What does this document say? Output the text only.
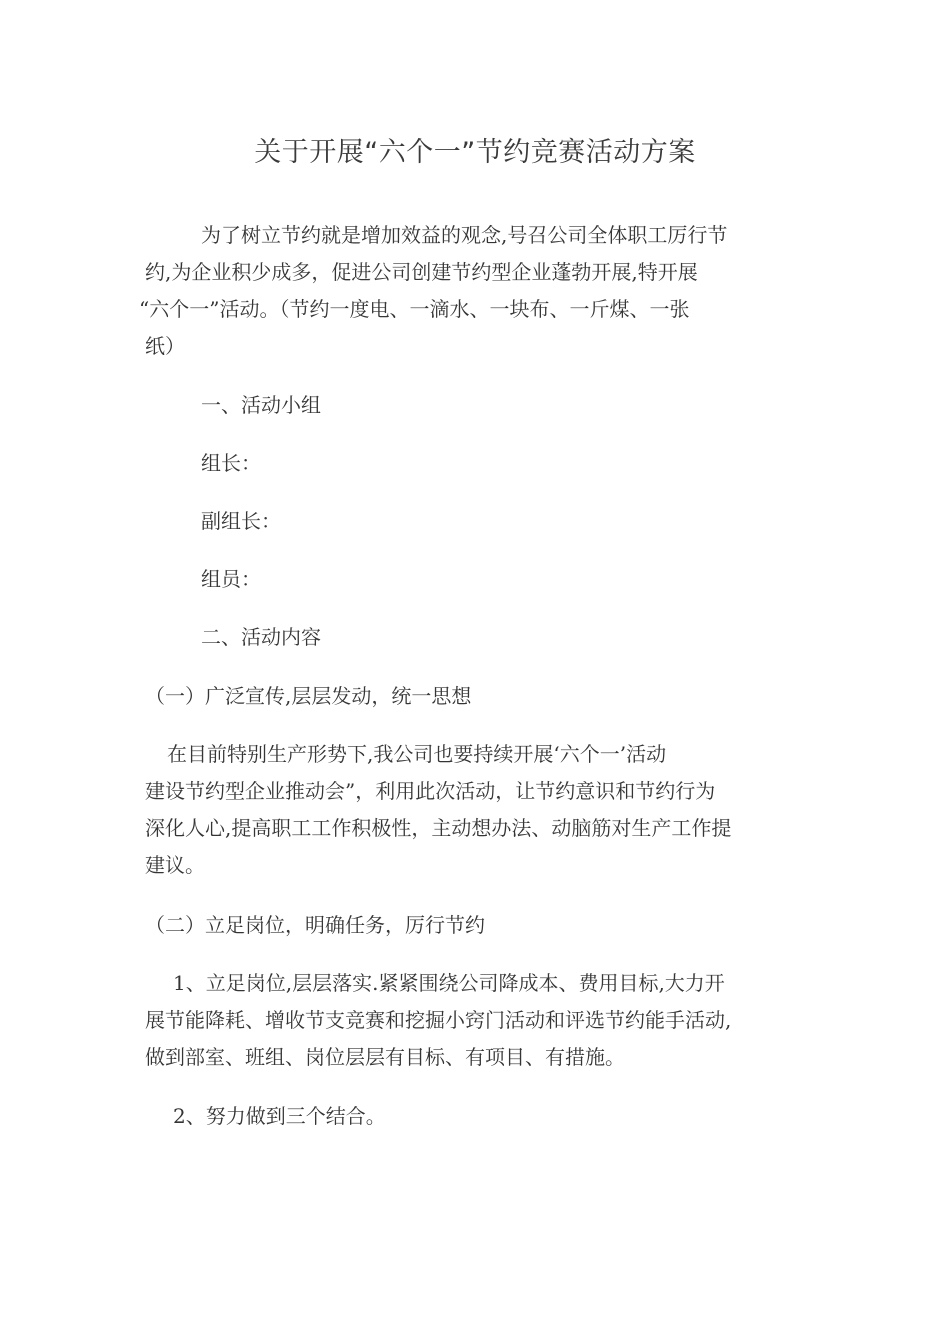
关于开展“六个一”节约竞赛活动方案
为了树立节约就是增加效益的观念,号召公司全体职工厉行节
约,为企业积少成多，促进公司创建节约型企业蓬勃开展,特开展
“六个一”活动。（节约一度电、一滴水、一块布、一斤煤、一张
纸）

一、活动小组

组长：

副组长：

组员：

二、活动内容

（一）广泛宣传,层层发动，统一思想

在目前特别生产形势下,我公司也要持续开展‘六个一’活动
建设节约型企业推动会”，利用此次活动，让节约意识和节约行为
深化人心,提高职工工作积极性，主动想办法、动脑筋对生产工作提
建议。

（二）立足岗位，明确任务，厉行节约

1、立足岗位,层层落实.紧紧围绕公司降成本、费用目标,大力开
展节能降耗、增收节支竞赛和挖掘小窍门活动和评选节约能手活动,
做到部室、班组、岗位层层有目标、有项目、有措施。

2、努力做到三个结合。
